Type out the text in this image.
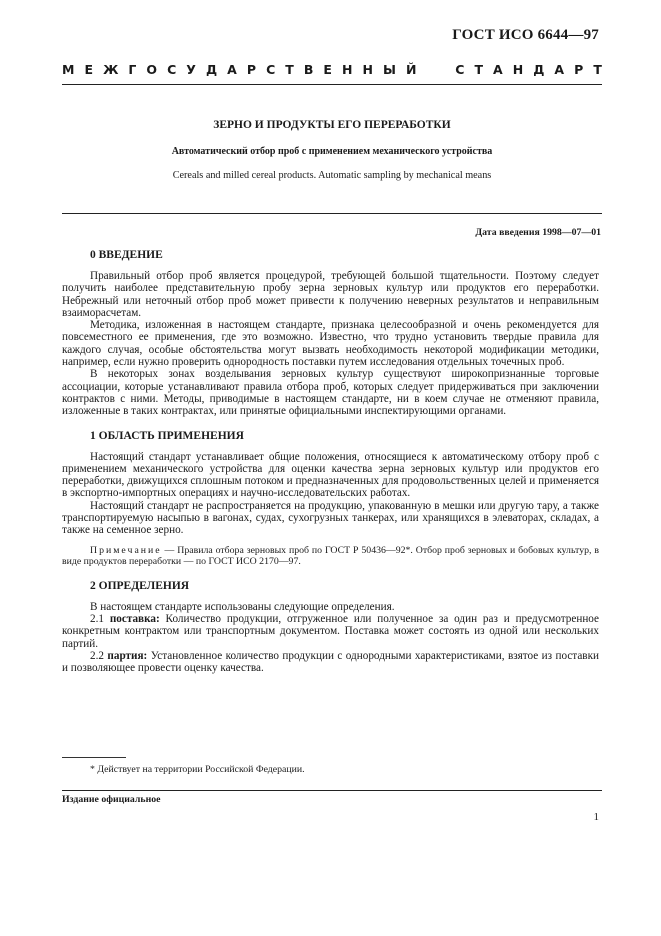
ГОСТ ИСО 6644—97
М Е Ж Г О С У Д А Р С Т В Е Н Н Ы Й

	С Т А Н Д А Р Т
ЗЕРНО И ПРОДУКТЫ ЕГО ПЕРЕРАБОТКИ
Автоматический отбор проб с применением механического устройства
Cereals and milled cereal products. Automatic sampling by mechanical means
Дата введения 1998—07—01
0 ВВЕДЕНИЕ

Правильный отбор проб является процедурой, требующей большой тщательности. Поэтому следует получить наиболее представительную пробу зерна зерновых культур или продуктов его переработки. Небрежный или неточный отбор проб может привести к получению неверных результатов и неправильным взаиморасчетам.

Методика, изложенная в настоящем стандарте, признака целесообразной и очень рекомендуется для повсеместного ее применения, где это возможно. Известно, что трудно установить твердые правила для каждого случая, особые обстоятельства могут вызвать необходимость некоторой модификации методики, например, если нужно проверить однородность поставки путем исследования отдельных точечных проб.

В некоторых зонах возделывания зерновых культур существуют широкопризнанные торговые ассоциации, которые устанавливают правила отбора проб, которых следует придерживаться при заключении контрактов с ними. Методы, приводимые в настоящем стандарте, ни в коем случае не отменяют правила, изложенные в таких контрактах, или принятые официальными инспектирующими органами.

1 ОБЛАСТЬ ПРИМЕНЕНИЯ

Настоящий стандарт устанавливает общие положения, относящиеся к автоматическому отбору проб с применением механического устройства для оценки качества зерна зерновых культур или продуктов его переработки, движущихся сплошным потоком и предназначенных для продовольственных целей и применяется в экспортно-импортных операциях и научно-исследовательских работах.

Настоящий стандарт не распространяется на продукцию, упакованную в мешки или другую тару, а также транспортируемую насыпью в вагонах, судах, сухогрузных танкерах, или хранящихся в элеваторах, складах, а также на семенное зерно.

Примечание — Правила отбора зерновых проб по ГОСТ Р 50436—92*. Отбор проб зерновых и бобовых культур, в виде продуктов переработки — по ГОСТ ИСО 2170—97.

2 ОПРЕДЕЛЕНИЯ

В настоящем стандарте использованы следующие определения.

2.1 поставка: Количество продукции, отгруженное или полученное за один раз и предусмотренное конкретным контрактом или транспортным документом. Поставка может состоять из одной или нескольких партий.

2.2 партия: Установленное количество продукции с однородными характеристиками, взятое из поставки и позволяющее провести оценку качества.

* Действует на территории Российской Федерации.
Издание официальное
1
